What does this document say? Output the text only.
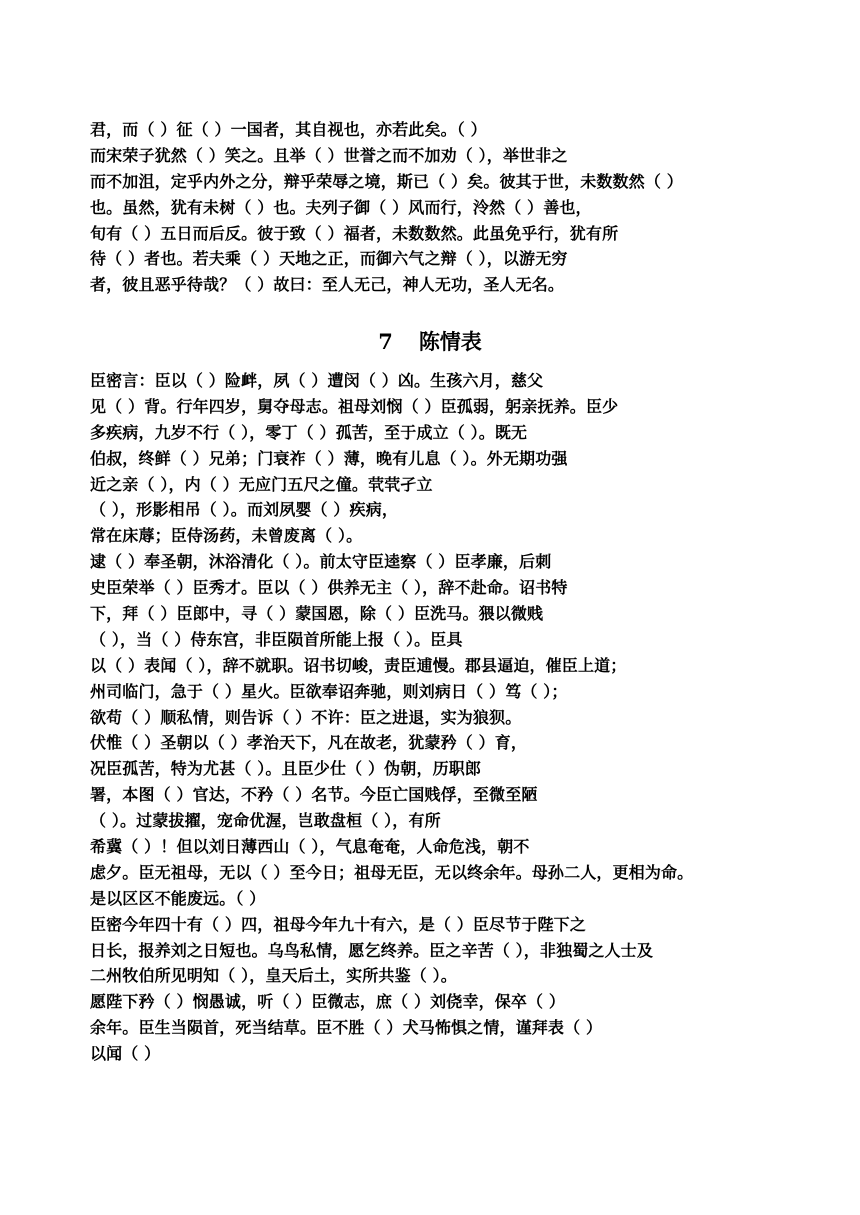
君，而（ ）征（ ）一国者，其自视也，亦若此矣。（ ）
而宋荣子犹然（ ）笑之。且举（ ）世誉之而不加劝（ ），举世非之
而不加沮，定乎内外之分，辩乎荣辱之境，斯已（ ）矣。彼其于世，未数数然（ ）
也。虽然，犹有未树（ ）也。夫列子御（ ）风而行，泠然（ ）善也，
旬有（ ）五日而后反。彼于致（ ）福者，未数数然。此虽免乎行，犹有所
待（ ）者也。若夫乘（ ）天地之正，而御六气之辩（ ），以游无穷
者，彼且恶乎待哉？（ ）故曰：至人无己，神人无功，圣人无名。
7 陈情表
臣密言：臣以（ ）险衅，夙（ ）遭闵（ ）凶。生孩六月，慈父
见（ ）背。行年四岁，舅夺母志。祖母刘悯（ ）臣孤弱，躬亲抚养。臣少
多疾病，九岁不行（ ），零丁（ ）孤苦，至于成立（ ）。既无
伯叔，终鲜（ ）兄弟；门衰祚（ ）薄，晚有儿息（ ）。外无期功强
近之亲（ ），内（ ）无应门五尺之僮。茕茕孑立
（ ），形影相吊（ ）。而刘夙婴（ ）疾病，
常在床蓐；臣侍汤药，未曾废离（ ）。
逮（ ）奉圣朝，沐浴清化（ ）。前太守臣逵察（ ）臣孝廉，后刺
史臣荣举（ ）臣秀才。臣以（ ）供养无主（ ），辞不赴命。诏书特
下，拜（ ）臣郎中，寻（ ）蒙国恩，除（ ）臣洗马。猥以微贱
（ ），当（ ）侍东宫，非臣陨首所能上报（ ）。臣具
以（ ）表闻（ ），辞不就职。诏书切峻，责臣逋慢。郡县逼迫，催臣上道；
州司临门，急于（ ）星火。臣欲奉诏奔驰，则刘病日（ ）笃（ ）；
欲苟（ ）顺私情，则告诉（ ）不许：臣之进退，实为狼狈。
伏惟（ ）圣朝以（ ）孝治天下，凡在故老，犹蒙矜（ ）育，
况臣孤苦，特为尤甚（ ）。且臣少仕（ ）伪朝，历职郎
署，本图（ ）官达，不矜（ ）名节。今臣亡国贱俘，至微至陋
（ ）。过蒙拔擢，宠命优渥，岂敢盘桓（ ），有所
希冀（ ）！但以刘日薄西山（ ），气息奄奄，人命危浅，朝不
虑夕。臣无祖母，无以（ ）至今日；祖母无臣，无以终余年。母孙二人，更相为命。
是以区区不能废远。（ ）
臣密今年四十有（ ）四，祖母今年九十有六，是（ ）臣尽节于陛下之
日长，报养刘之日短也。乌鸟私情，愿乞终养。臣之辛苦（ ），非独蜀之人士及
二州牧伯所见明知（ ），皇天后土，实所共鉴（ ）。
愿陛下矜（ ）悯愚诚，听（ ）臣微志，庶（ ）刘侥幸，保卒（ ）
余年。臣生当陨首，死当结草。臣不胜（ ）犬马怖惧之情，谨拜表（ ）
以闻（ ）
